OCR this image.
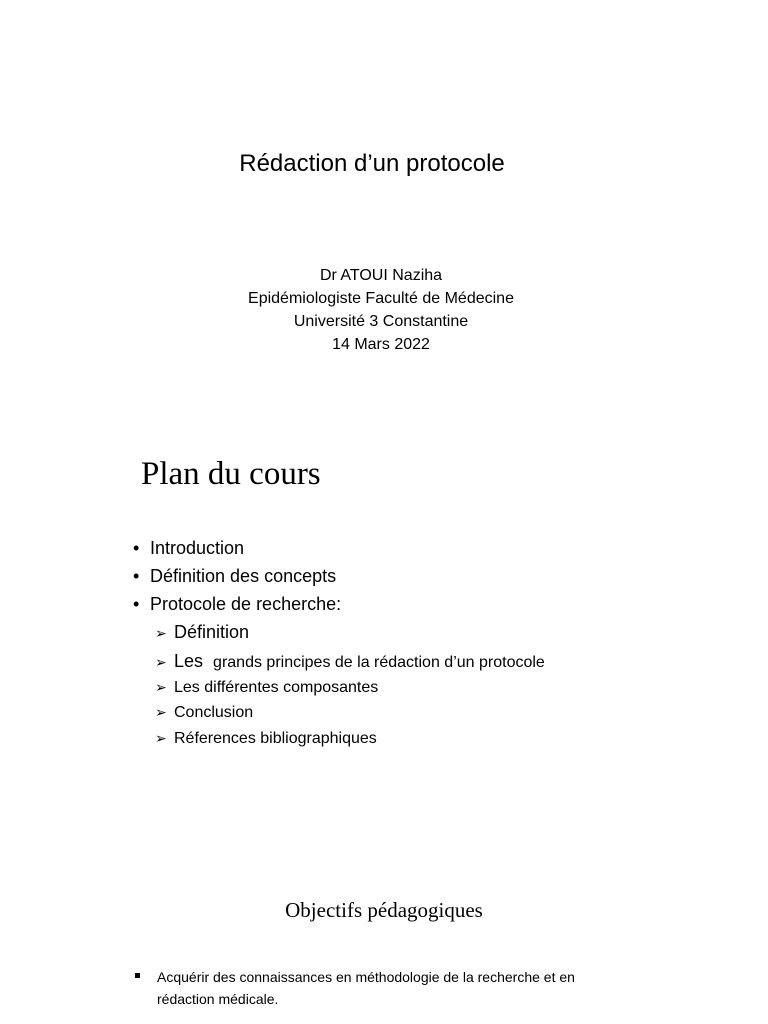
Rédaction d’un protocole
Dr ATOUI Naziha
Epidémiologiste Faculté de Médecine
Université 3 Constantine
14 Mars 2022
Plan du cours
• Introduction
• Définition des concepts
• Protocole de recherche:
➢ Définition
➢ Les grands principes de la rédaction d’un protocole
➢ Les différentes composantes
➢ Conclusion
➢ Réferences bibliographiques
Objectifs pédagogiques
Acquérir des connaissances en méthodologie de la recherche et en rédaction médicale.
